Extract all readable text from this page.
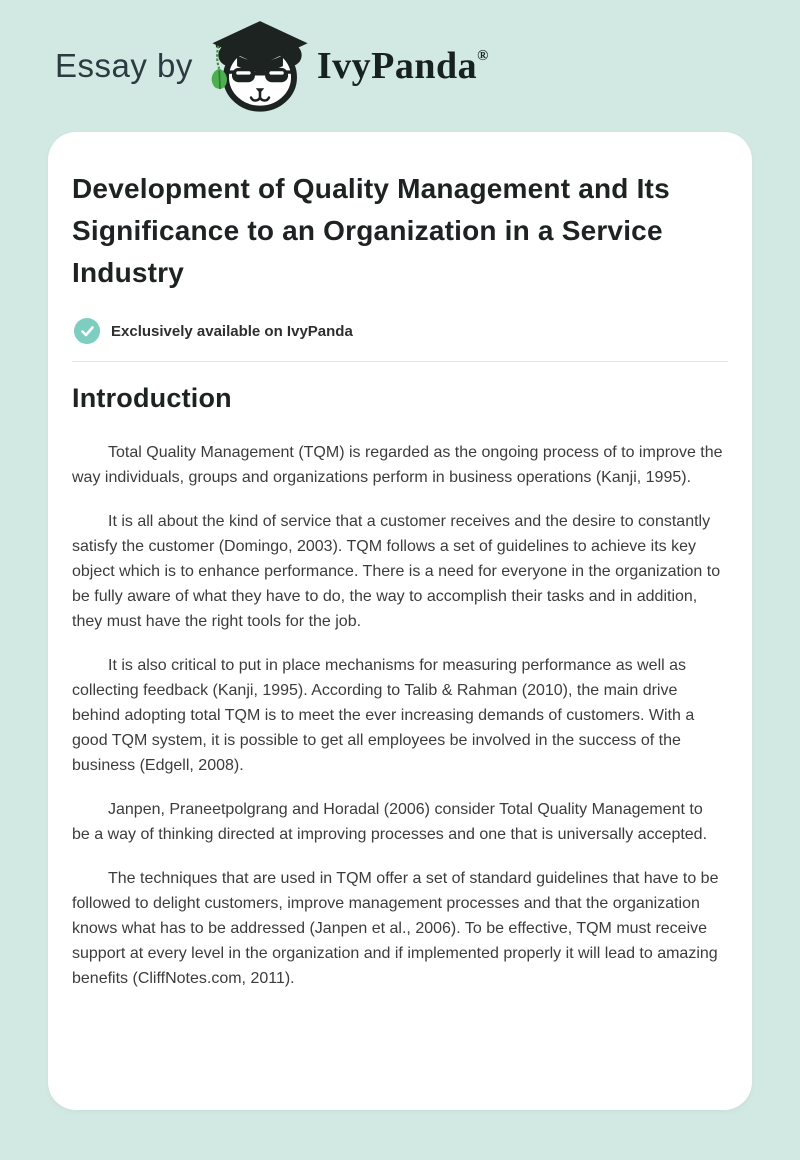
Essay by	IvyPanda®
Development of Quality Management and Its Significance to an Organization in a Service Industry
Exclusively available on IvyPanda
Introduction

Total Quality Management (TQM) is regarded as the ongoing process of to improve the way individuals, groups and organizations perform in business operations (Kanji, 1995).

It is all about the kind of service that a customer receives and the desire to constantly satisfy the customer (Domingo, 2003). TQM follows a set of guidelines to achieve its key object which is to enhance performance. There is a need for everyone in the organization to be fully aware of what they have to do, the way to accomplish their tasks and in addition, they must have the right tools for the job.

It is also critical to put in place mechanisms for measuring performance as well as collecting feedback (Kanji, 1995). According to Talib & Rahman (2010), the main drive behind adopting total TQM is to meet the ever increasing demands of customers. With a good TQM system, it is possible to get all employees be involved in the success of the business (Edgell, 2008).

Janpen, Praneetpolgrang and Horadal (2006) consider Total Quality Management to be a way of thinking directed at improving processes and one that is universally accepted.

The techniques that are used in TQM offer a set of standard guidelines that have to be followed to delight customers, improve management processes and that the organization knows what has to be addressed (Janpen et al., 2006). To be effective, TQM must receive support at every level in the organization and if implemented properly it will lead to amazing benefits (CliffNotes.com, 2011).
